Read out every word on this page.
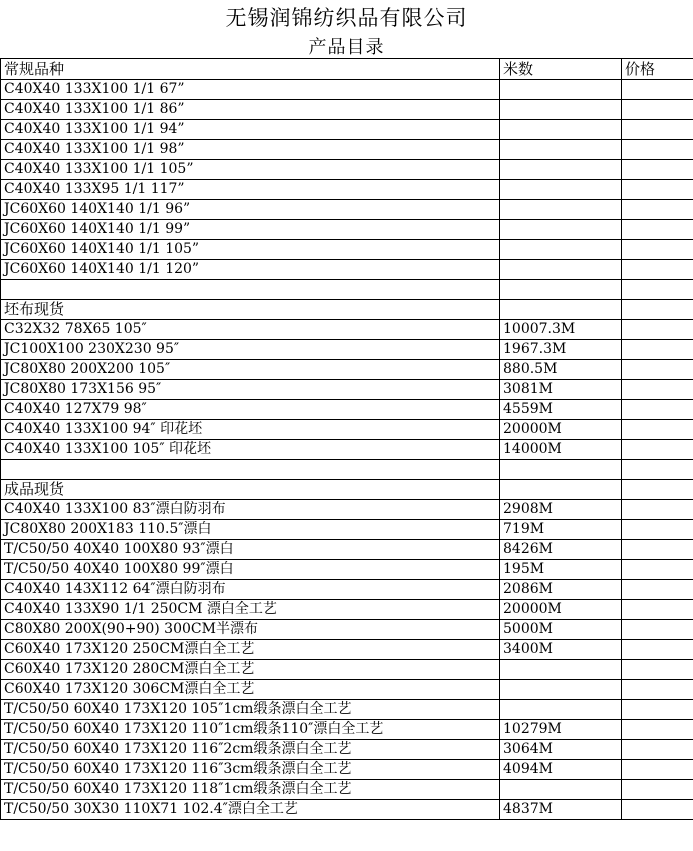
无锡润锦纺织品有限公司
产品目录
常规品种	米数	价格
C40X40 133X100 1/1 67”		
C40X40 133X100 1/1 86”		
C40X40 133X100 1/1 94”		
C40X40 133X100 1/1 98”		
C40X40 133X100 1/1 105”		
C40X40 133X95 1/1 117”		
JC60X60 140X140 1/1 96”		
JC60X60 140X140 1/1 99”		
JC60X60 140X140 1/1 105”		
JC60X60 140X140 1/1 120”		

坯布现货		
C32X32 78X65 105″	10007.3M	
JC100X100 230X230 95″	1967.3M	
JC80X80 200X200 105″	880.5M	
JC80X80 173X156 95″	3081M	
C40X40 127X79 98″	4559M	
C40X40 133X100 94″ 印花坯	20000M	
C40X40 133X100 105″ 印花坯	14000M	

成品现货		
C40X40 133X100 83″漂白防羽布	2908M	
JC80X80 200X183 110.5″漂白	719M	
T/C50/50 40X40 100X80 93″漂白	8426M	
T/C50/50 40X40 100X80 99″漂白	195M	
C40X40 143X112 64″漂白防羽布	2086M	
C40X40 133X90 1/1 250CM 漂白全工艺	20000M	
C80X80 200X(90+90) 300CM半漂布	5000M	
C60X40 173X120 250CM漂白全工艺	3400M	
C60X40 173X120 280CM漂白全工艺		
C60X40 173X120 306CM漂白全工艺		
T/C50/50 60X40 173X120 105″1cm缎条漂白全工艺		
T/C50/50 60X40 173X120 110″1cm缎条110″漂白全工艺	10279M	
T/C50/50 60X40 173X120 116″2cm缎条漂白全工艺	3064M	
T/C50/50 60X40 173X120 116″3cm缎条漂白全工艺	4094M	
T/C50/50 60X40 173X120 118″1cm缎条漂白全工艺		
T/C50/50 30X30 110X71 102.4″漂白全工艺	4837M	
